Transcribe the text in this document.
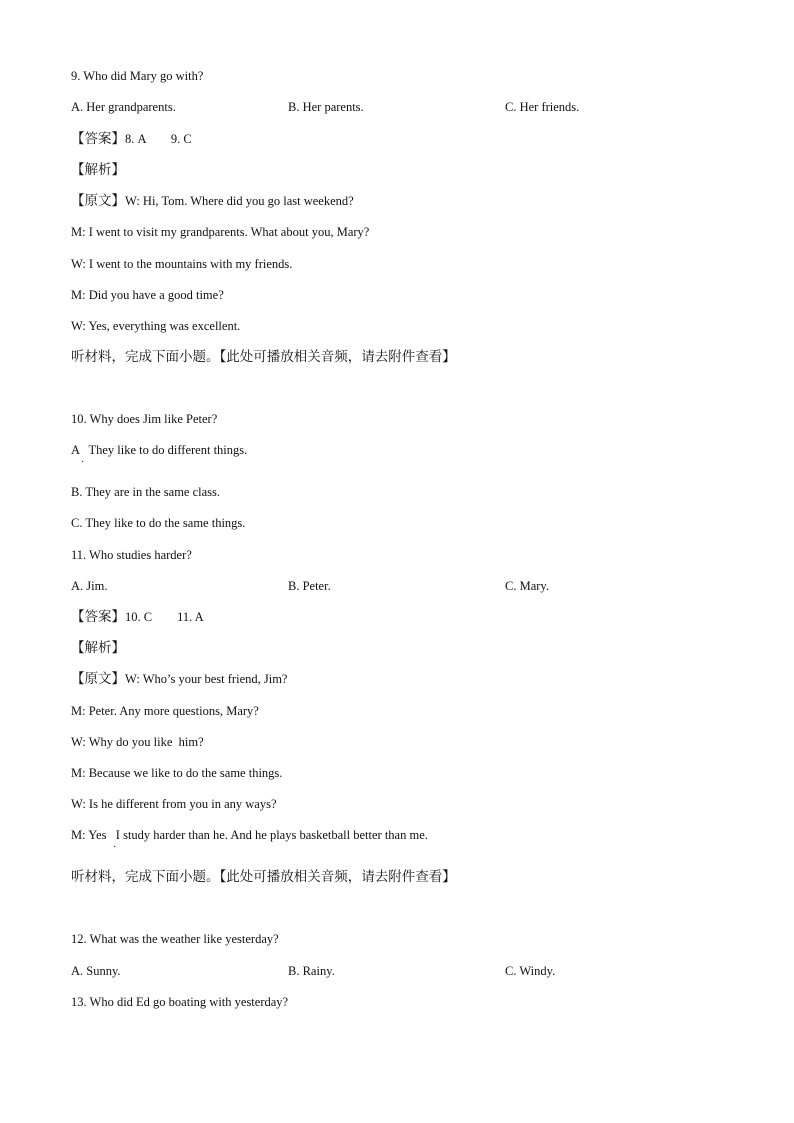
9. Who did Mary go with?
A. Her grandparents.	B. Her parents.	C. Her friends.
【答案】8. A        9. C
【解析】
【原文】W: Hi, Tom. Where did you go last weekend?
M: I went to visit my grandparents. What about you, Mary?
W: I went to the mountains with my friends.
M: Did you have a good time?
W: Yes, everything was excellent.
听材料，完成下面小题。【此处可播放相关音频，请去附件查看】
10. Why does Jim like Peter?
A   They like to do different things.
·
B. They are in the same class.
C. They like to do the same things.
11. Who studies harder?
A. Jim.	B. Peter.	C. Mary.
【答案】10. C        11. A
【解析】
【原文】W: Who’s your best friend, Jim?
M: Peter. Any more questions, Mary?
W: Why do you like  him?
M: Because we like to do the same things.
W: Is he different from you in any ways?
M: Yes   I study harder than he. And he plays basketball better than me.
·
听材料，完成下面小题。【此处可播放相关音频，请去附件查看】
12. What was the weather like yesterday?
A. Sunny.	B. Rainy.	C. Windy.
13. Who did Ed go boating with yesterday?
